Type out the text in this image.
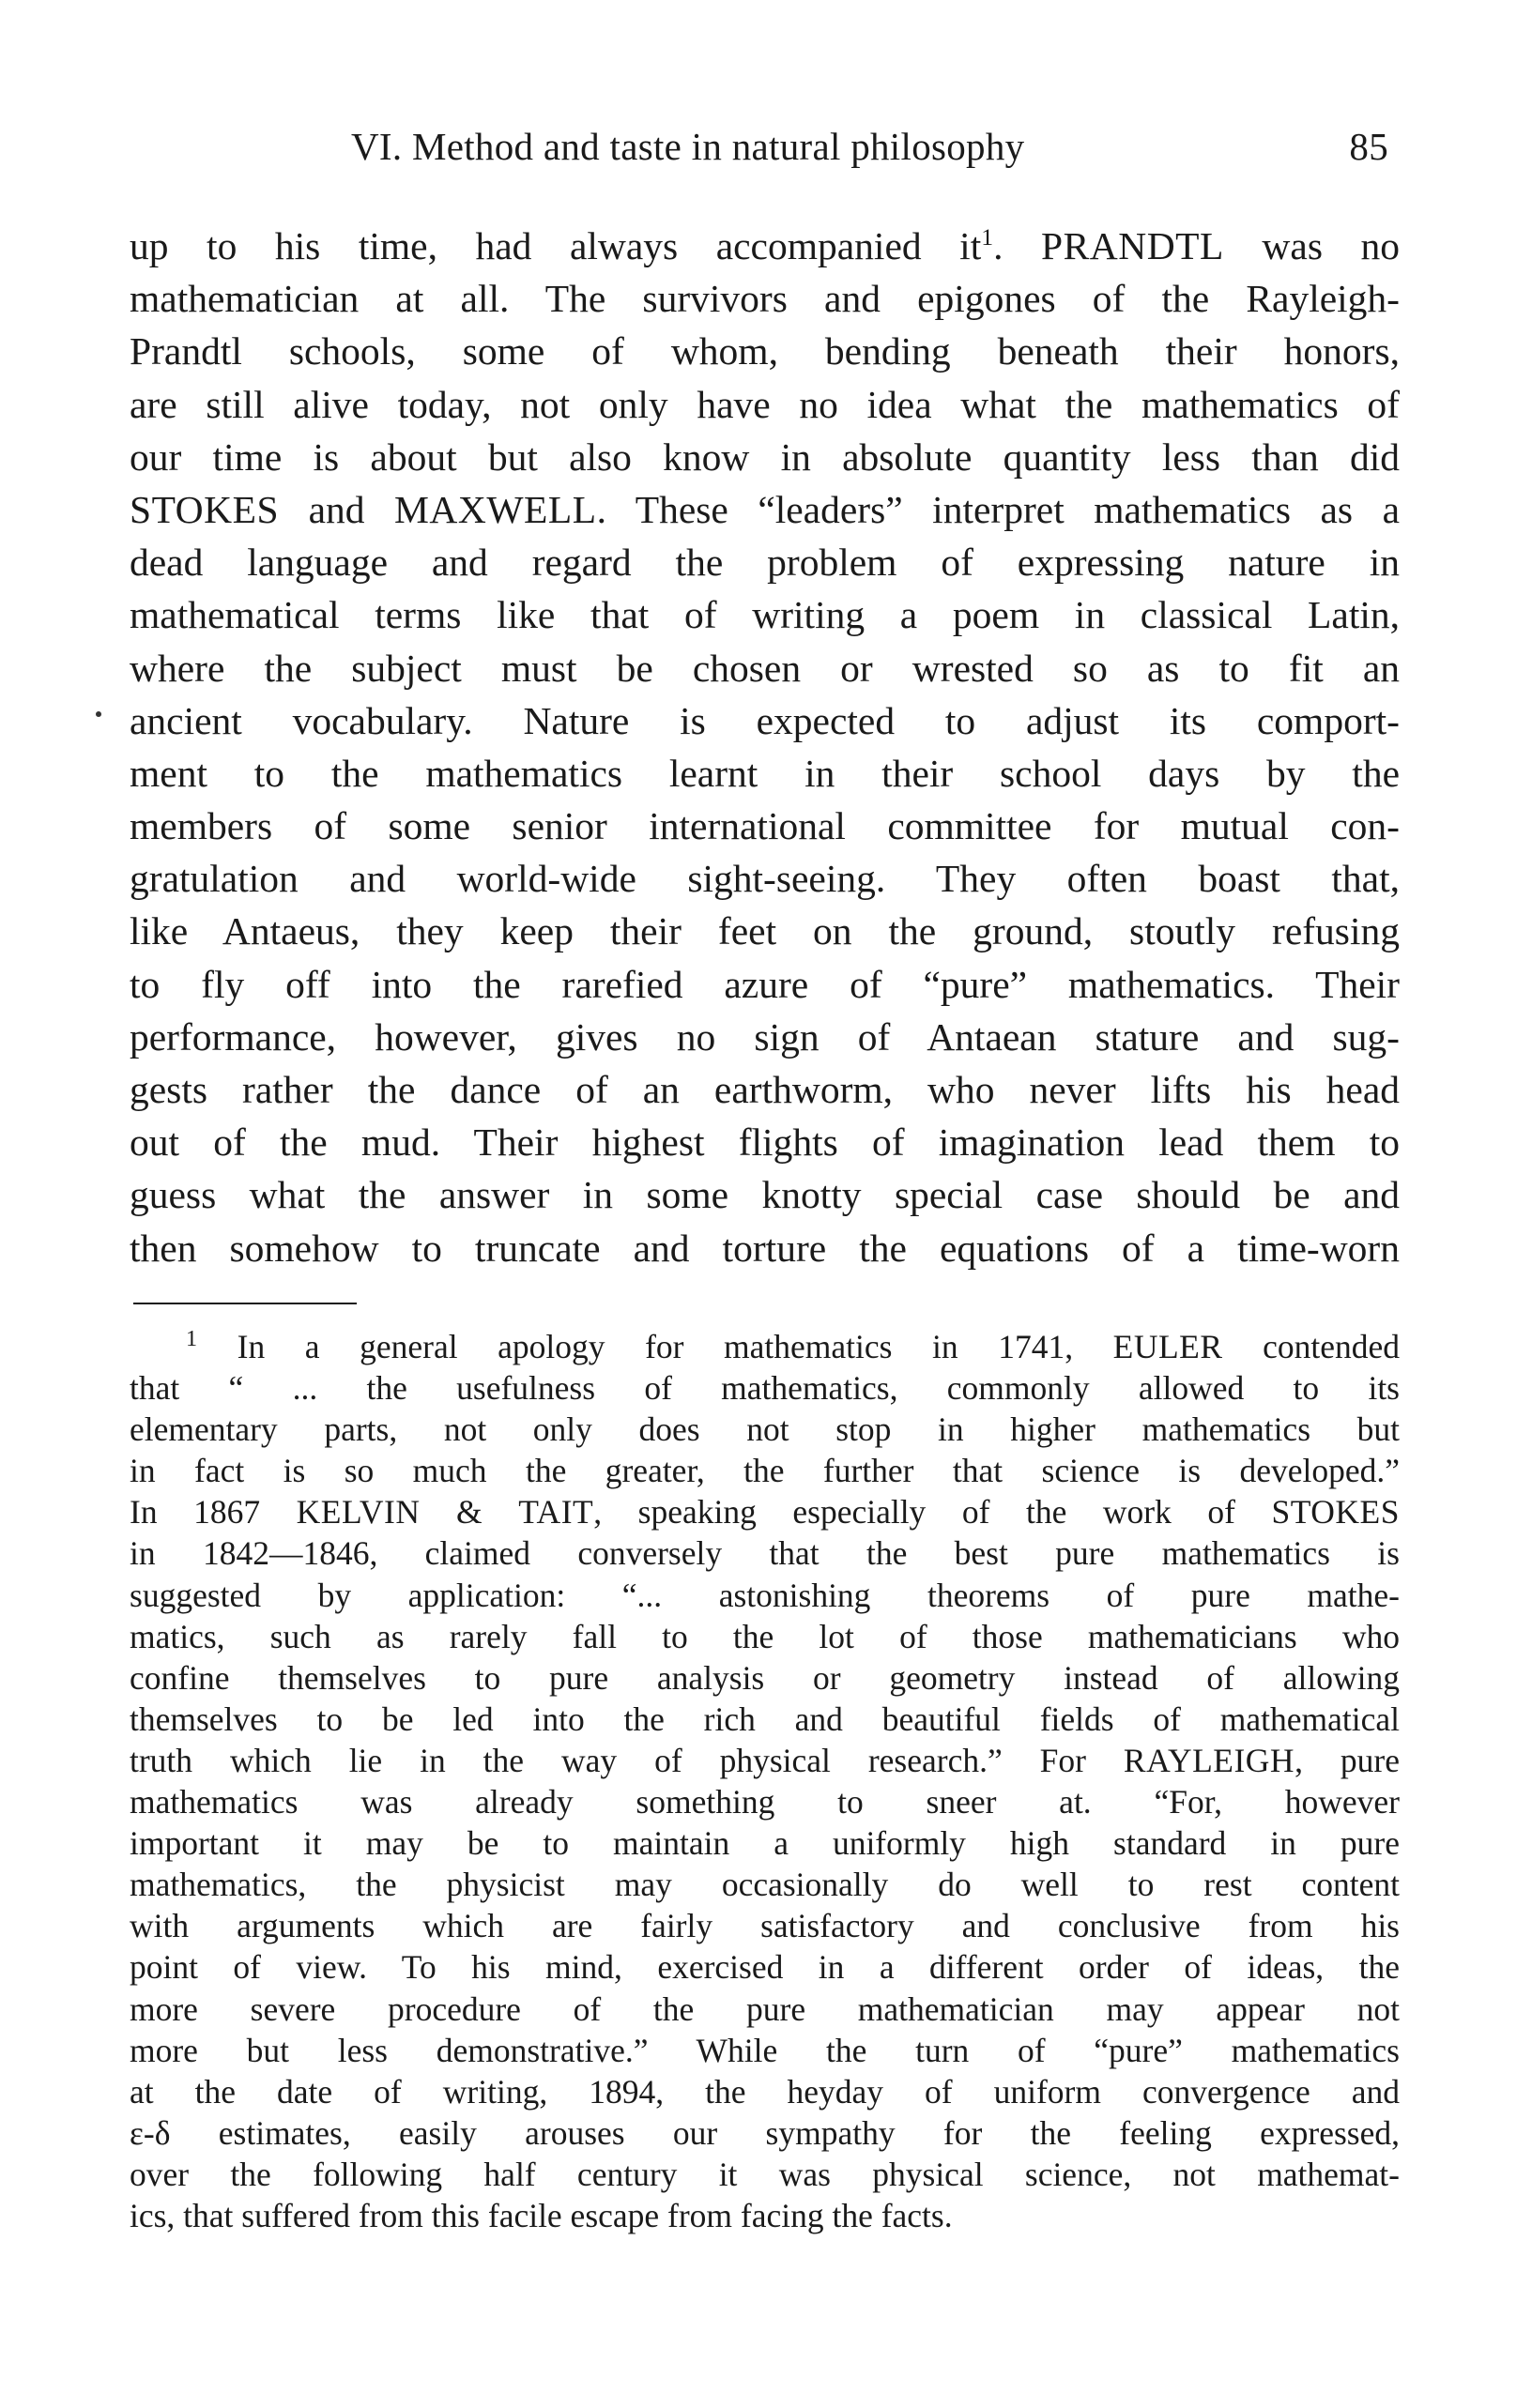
VI. Method and taste in natural philosophy	85
up to his time, had always accompanied $it^1$. PRANDTL was no
mathematician at all. The survivors and epigones of the Rayleigh-
Prandtl schools, some of whom, bending beneath their honors,
are still alive today, not only have no idea what the mathematics of
our time is about but also know in absolute quantity less than did
STOKES and MAXWELL. These “leaders” interpret mathematics as a
dead language and regard the problem of expressing nature in
mathematical terms like that of writing a poem in classical Latin,
where the subject must be chosen or wrested so as to fit an
ancient vocabulary. Nature is expected to adjust its comport-
ment to the mathematics learnt in their school days by the
members of some senior international committee for mutual con-
gratulation and world-wide sight-seeing. They often boast that,
like Antaeus, they keep their feet on the ground, stoutly refusing
to fly off into the rarefied azure of “pure” mathematics. Their
performance, however, gives no sign of Antaean stature and sug-
gests rather the dance of an earthworm, who never lifts his head
out of the mud. Their highest flights of imagination lead them to
guess what the answer in some knotty special case should be and
then somehow to truncate and torture the equations of a time-worn
$^1$ In a general apology for mathematics in 1741, EULER contended
that “ ... the usefulness of mathematics, commonly allowed to its
elementary parts, not only does not stop in higher mathematics but
in fact is so much the greater, the further that science is developed.”
In 1867 KELVIN & TAIT, speaking especially of the work of STOKES
in 1842—1846, claimed conversely that the best pure mathematics is
suggested by application: “... astonishing theorems of pure mathe-
matics, such as rarely fall to the lot of those mathematicians who
confine themselves to pure analysis or geometry instead of allowing
themselves to be led into the rich and beautiful fields of mathematical
truth which lie in the way of physical research.” For RAYLEIGH, pure
mathematics was already something to sneer at. “For, however
important it may be to maintain a uniformly high standard in pure
mathematics, the physicist may occasionally do well to rest content
with arguments which are fairly satisfactory and conclusive from his
point of view. To his mind, exercised in a different order of ideas, the
more severe procedure of the pure mathematician may appear not
more but less demonstrative.” While the turn of “pure” mathematics
at the date of writing, 1894, the heyday of uniform convergence and
ε-δ estimates, easily arouses our sympathy for the feeling expressed,
over the following half century it was physical science, not mathemat-
ics, that suffered from this facile escape from facing the facts.
